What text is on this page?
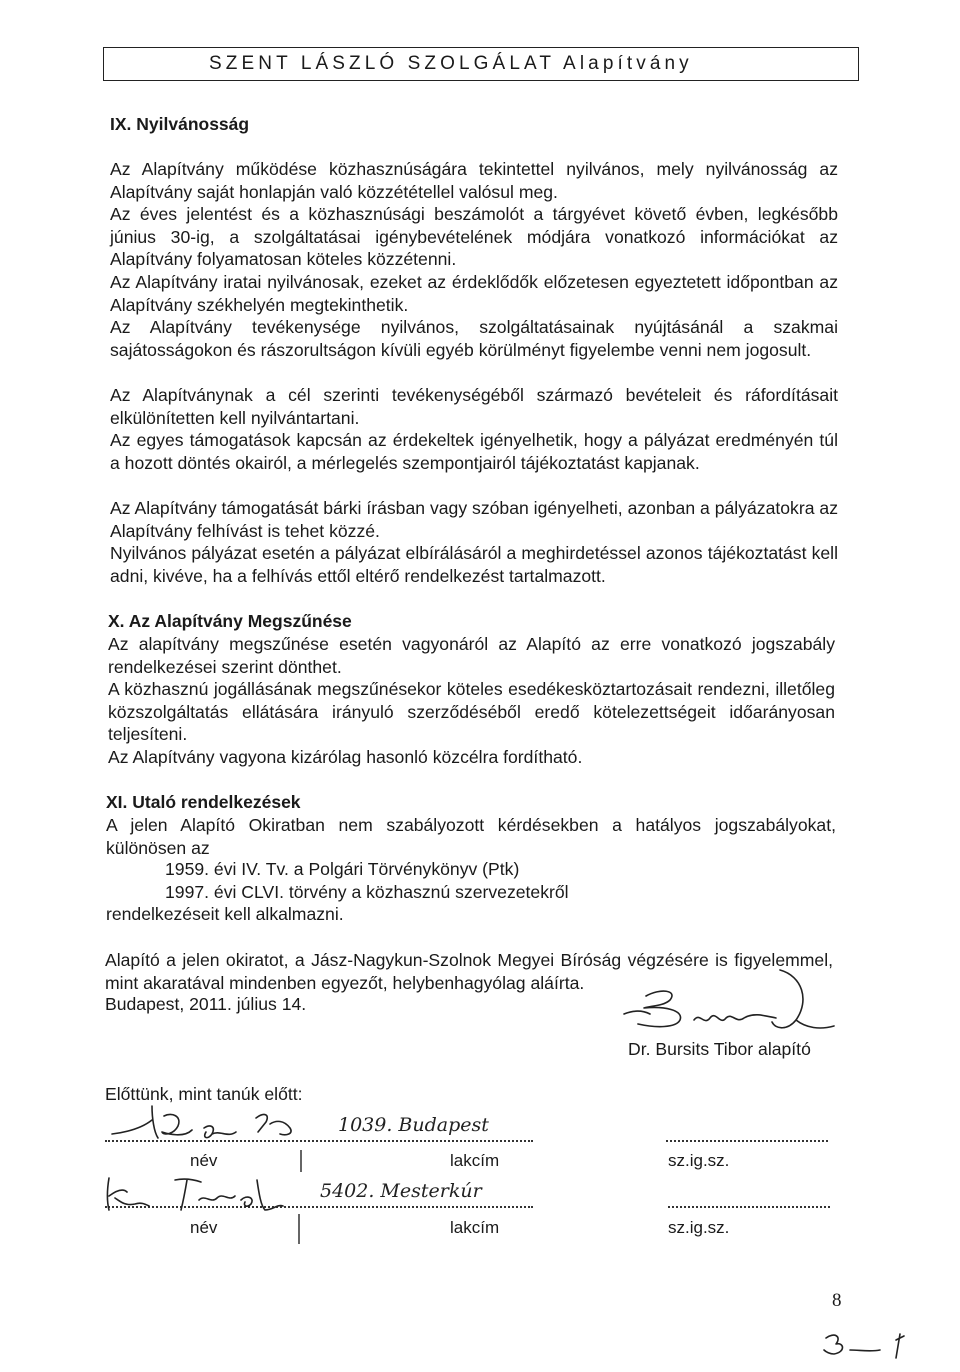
SZENT LÁSZLÓ SZOLGÁLAT Alapítvány
IX. Nyilvánosság
Az Alapítvány működése közhasznúságára tekintettel nyilvános, mely nyilvánosság az Alapítvány saját honlapján való közzététellel valósul meg.
Az éves jelentést és a közhasznúsági beszámolót a tárgyévet követő évben, legkésőbb június 30-ig, a szolgáltatásai igénybevételének módjára vonatkozó információkat az Alapítvány folyamatosan köteles közzétenni.
Az Alapítvány iratai nyilvánosak, ezeket az érdeklődők előzetesen egyeztetett időpontban az Alapítvány székhelyén megtekinthetik.
Az Alapítvány tevékenysége nyilvános, szolgáltatásainak nyújtásánál a szakmai sajátosságokon és rászorultságon kívüli egyéb körülményt figyelembe venni nem jogosult.
Az Alapítványnak a cél szerinti tevékenységéből származó bevételeit és ráfordításait elkülönítetten kell nyilvántartani.
Az egyes támogatások kapcsán az érdekeltek igényelhetik, hogy a pályázat eredményén túl a hozott döntés okairól, a mérlegelés szempontjairól tájékoztatást kapjanak.
Az Alapítvány támogatását bárki írásban vagy szóban igényelheti, azonban a pályázatokra az Alapítvány felhívást is tehet közzé.
Nyilvános pályázat esetén a pályázat elbírálásáról a meghirdetéssel azonos tájékoztatást kell adni, kivéve, ha a felhívás ettől eltérő rendelkezést tartalmazott.
X. Az Alapítvány Megszűnése
Az alapítvány megszűnése esetén vagyonáról az Alapító az erre vonatkozó jogszabály rendelkezései szerint dönthet.
A közhasznú jogállásának megszűnésekor köteles esedékesköztartozásait rendezni, illetőleg közszolgáltatás ellátására irányuló szerződéséből eredő kötelezettségeit időarányosan teljesíteni.
Az Alapítvány vagyona kizárólag hasonló közcélra fordítható.
XI. Utaló rendelkezések
A jelen Alapító Okiratban nem szabályozott kérdésekben a hatályos jogszabályokat, különösen az
1959. évi IV. Tv. a Polgári Törvénykönyv (Ptk)
1997. évi CLVI. törvény a közhasznú szervezetekről
rendelkezéseit kell alkalmazni.
Alapító a jelen okiratot, a Jász-Nagykun-Szolnok Megyei Bíróság végzésére is figyelemmel, mint akaratával mindenben egyezőt, helybenhagyólag aláírta.
Budapest, 2011. július 14.
Dr. Bursits Tibor alapító
Előttünk, mint tanúk előtt:
1039. Budapest
név	lakcím	sz.ig.sz.
5402. Mesterkúr
név	lakcím	sz.ig.sz.
8
